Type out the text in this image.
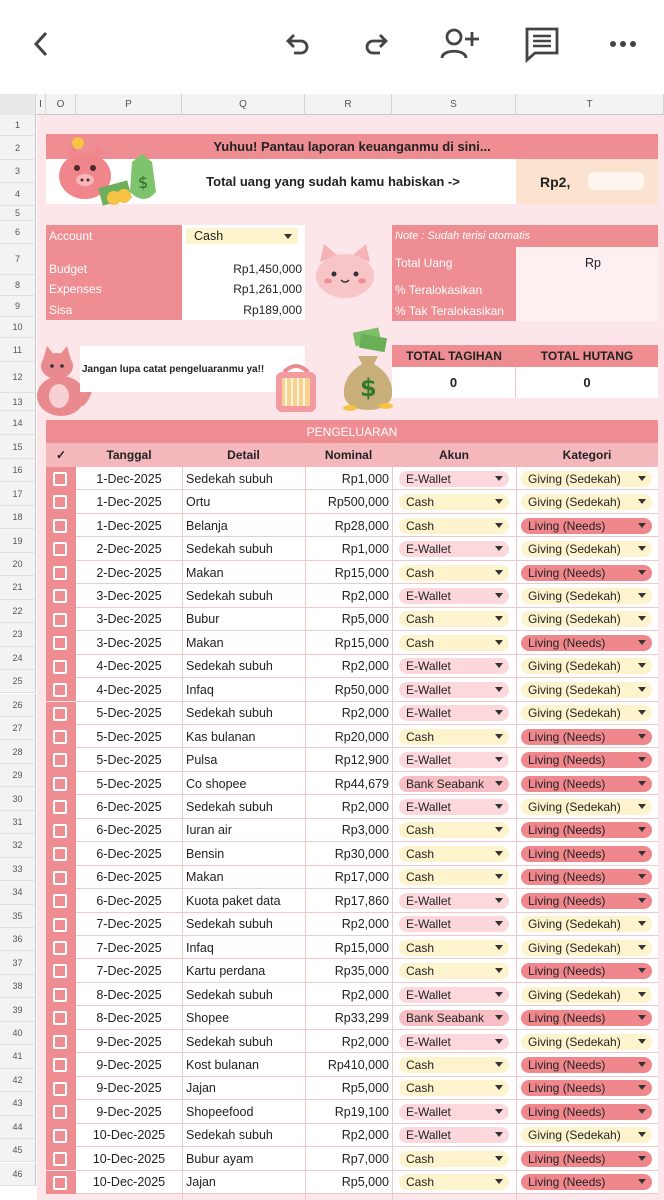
I	O	P	Q	R	S	T
1
2
3
4
5
6
7
8
9
10
11
12
13
14
15
16
17
18
19
20
21
22
23
24
25
26
27
28
29
30
31
32
33
34
35
36
37
38
39
40
41
42
43
44
45
46
Yuhuu! Pantau laporan keuanganmu di sini...
Total uang yang sudah kamu habiskan ->	Rp2,
$
Account	Cash
Budget	Rp1,450,000
Expenses	Rp1,261,000
Sisa	Rp189,000
Note : Sudah terisi otomatis
Total Uang	Rp
% Teralokasikan
% Tak Teralokasikan
Jangan lupa catat pengeluaranmu ya!!
$
TOTAL TAGIHAN	TOTAL HUTANG
0	0
PENGELUARAN
✓	Tanggal	Detail	Nominal	Akun	Kategori
1-Dec-2025	Sedekah subuh	Rp1,000 E-Wallet	Giving (Sedekah)
1-Dec-2025	Ortu	Rp500,000 Cash	Giving (Sedekah)
1-Dec-2025	Belanja	Rp28,000 Cash	Living (Needs)
2-Dec-2025	Sedekah subuh	Rp1,000 E-Wallet	Giving (Sedekah)
2-Dec-2025	Makan	Rp15,000 Cash	Living (Needs)
3-Dec-2025	Sedekah subuh	Rp2,000 E-Wallet	Giving (Sedekah)
3-Dec-2025	Bubur	Rp5,000 Cash	Giving (Sedekah)
3-Dec-2025	Makan	Rp15,000 Cash	Living (Needs)
4-Dec-2025	Sedekah subuh	Rp2,000 E-Wallet	Giving (Sedekah)
4-Dec-2025	Infaq	Rp50,000 E-Wallet	Giving (Sedekah)
5-Dec-2025	Sedekah subuh	Rp2,000 E-Wallet	Giving (Sedekah)
5-Dec-2025	Kas bulanan	Rp20,000 Cash	Living (Needs)
5-Dec-2025	Pulsa	Rp12,900 E-Wallet	Living (Needs)
5-Dec-2025	Co shopee	Rp44,679 Bank Seabank	Living (Needs)
6-Dec-2025	Sedekah subuh	Rp2,000 E-Wallet	Giving (Sedekah)
6-Dec-2025	Iuran air	Rp3,000 Cash	Living (Needs)
6-Dec-2025	Bensin	Rp30,000 Cash	Living (Needs)
6-Dec-2025	Makan	Rp17,000 Cash	Living (Needs)
6-Dec-2025	Kuota paket data	Rp17,860 E-Wallet	Living (Needs)
7-Dec-2025	Sedekah subuh	Rp2,000 E-Wallet	Giving (Sedekah)
7-Dec-2025	Infaq	Rp15,000 Cash	Giving (Sedekah)
7-Dec-2025	Kartu perdana	Rp35,000 Cash	Living (Needs)
8-Dec-2025	Sedekah subuh	Rp2,000 E-Wallet	Giving (Sedekah)
8-Dec-2025	Shopee	Rp33,299 Bank Seabank	Living (Needs)
9-Dec-2025	Sedekah subuh	Rp2,000 E-Wallet	Giving (Sedekah)
9-Dec-2025	Kost bulanan	Rp410,000 Cash	Living (Needs)
9-Dec-2025	Jajan	Rp5,000 Cash	Living (Needs)
9-Dec-2025	Shopeefood	Rp19,100 E-Wallet	Living (Needs)
10-Dec-2025	Sedekah subuh	Rp2,000 E-Wallet	Giving (Sedekah)
10-Dec-2025	Bubur ayam	Rp7,000 Cash	Living (Needs)
10-Dec-2025	Jajan	Rp5,000 Cash	Living (Needs)
